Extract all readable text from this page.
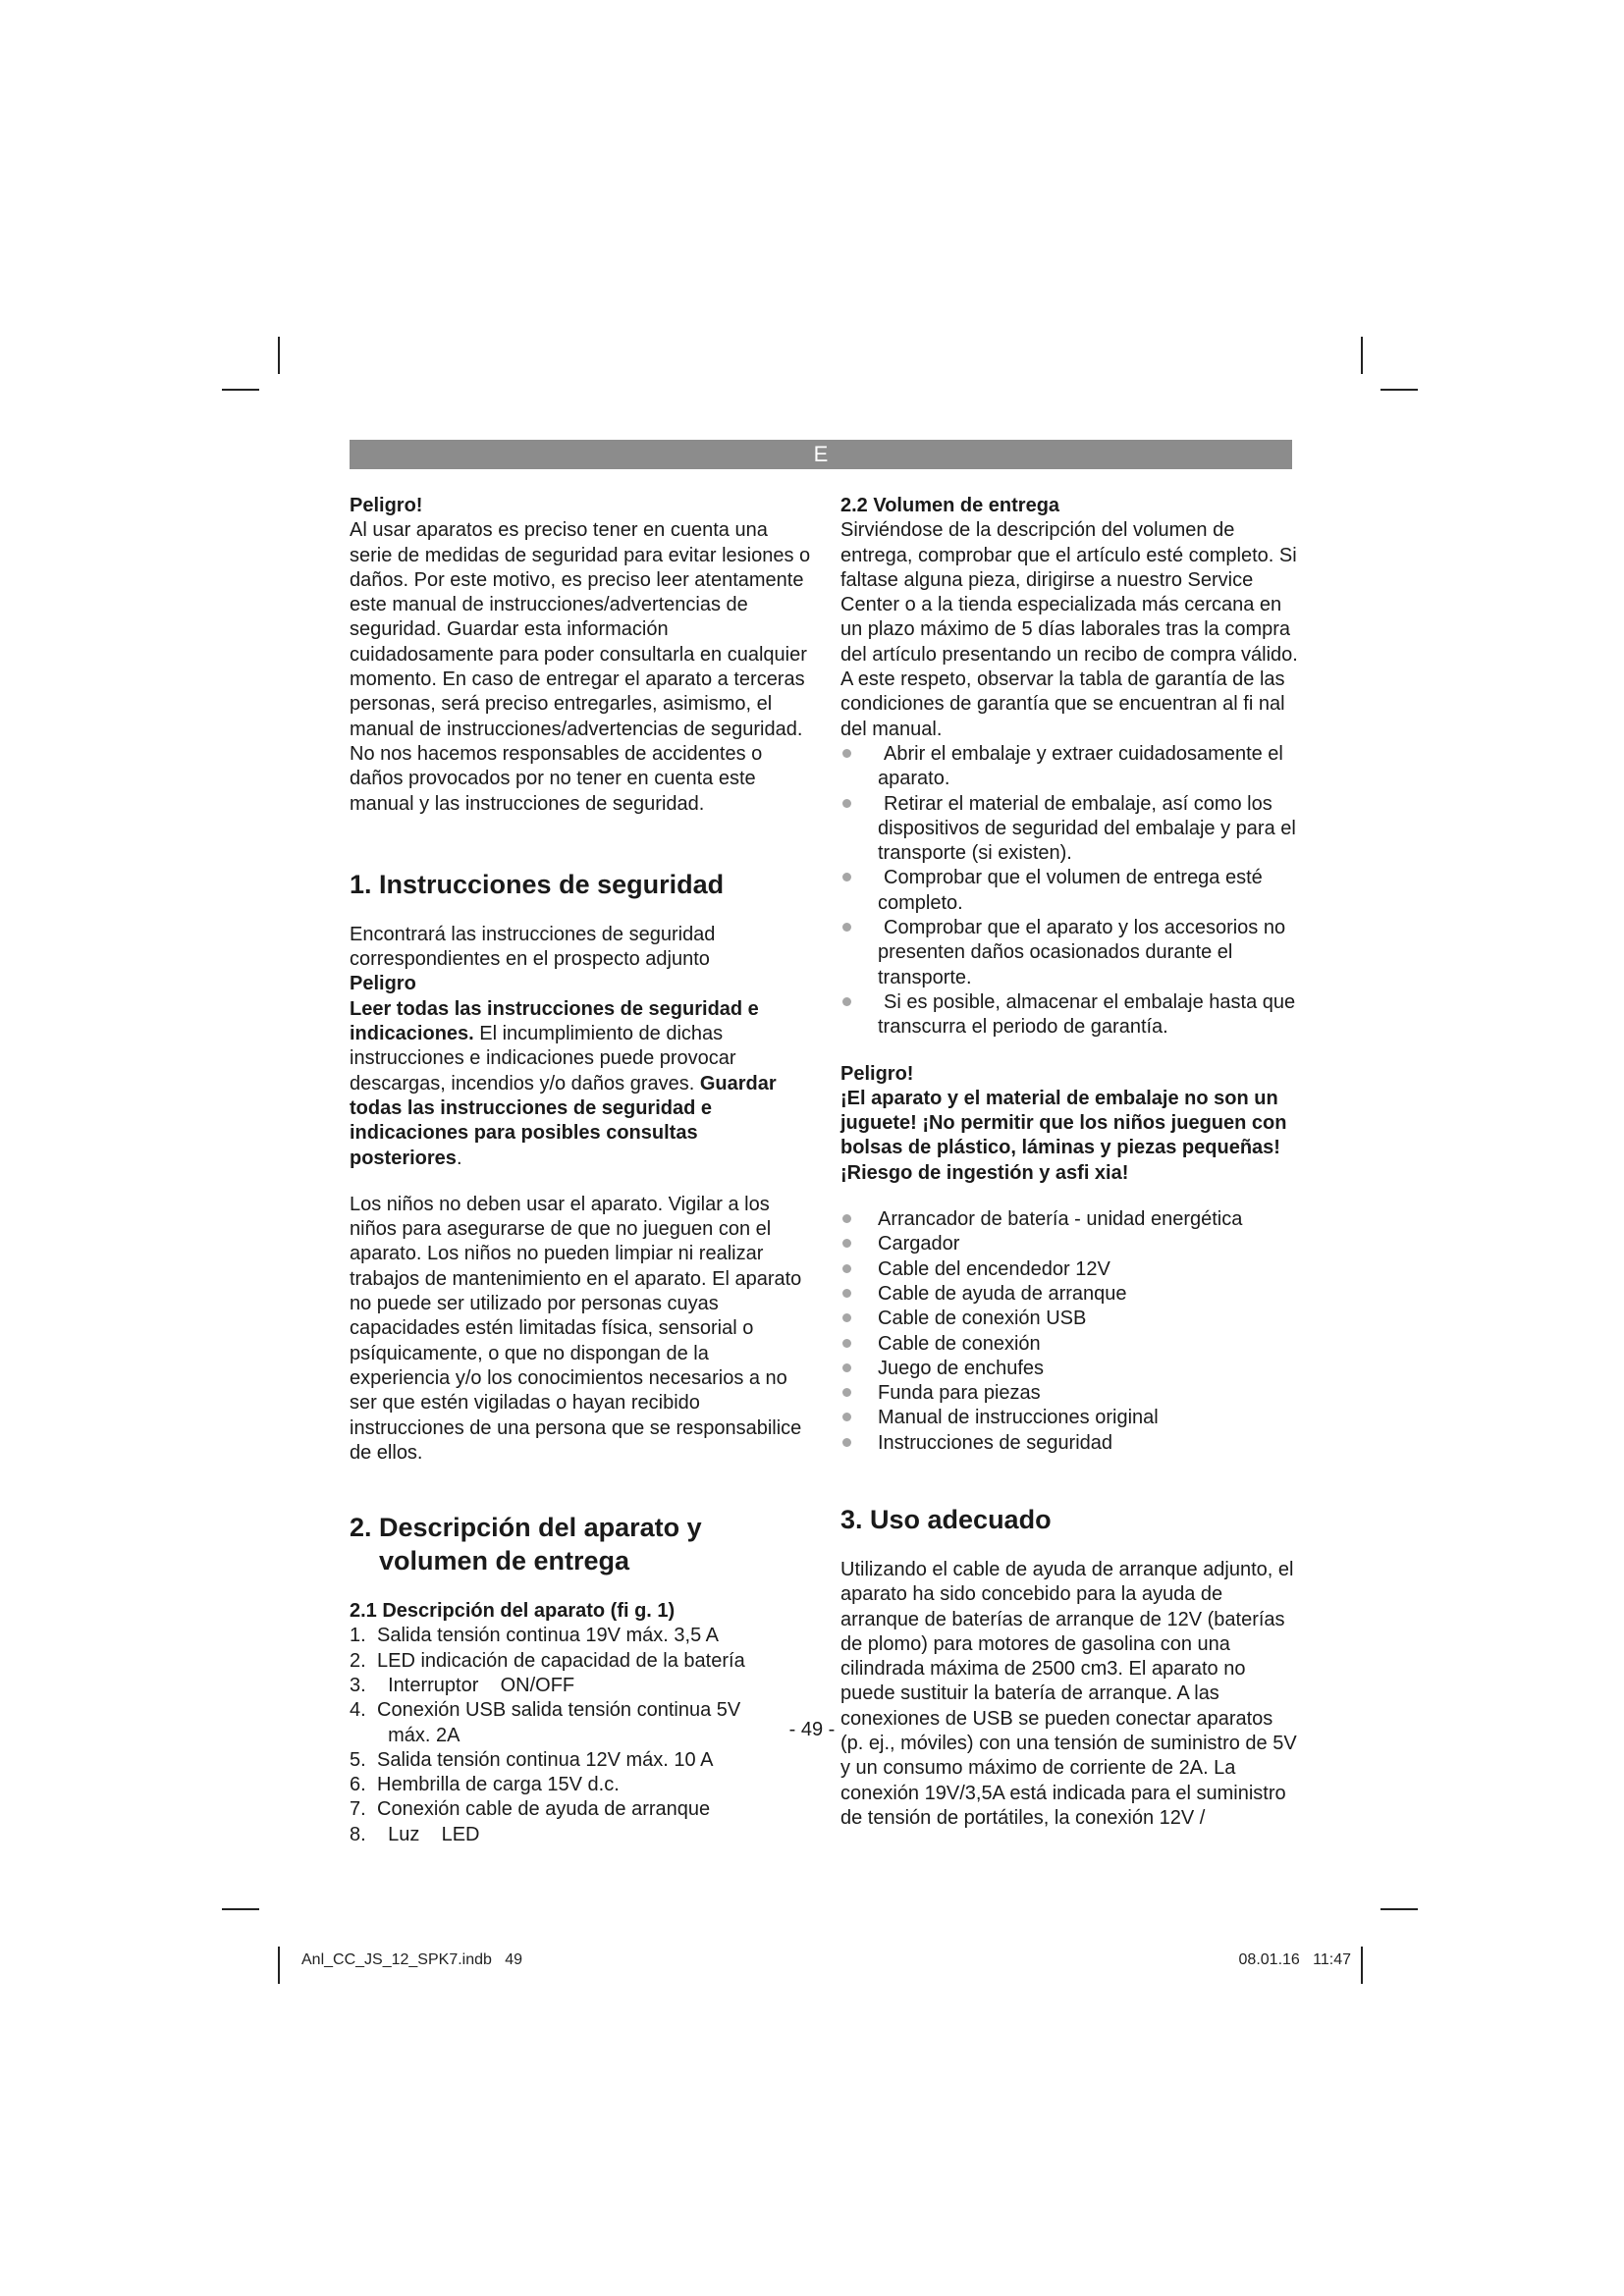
E

Peligro!

Al usar aparatos es preciso tener en cuenta una serie de medidas de seguridad para evitar lesiones o daños. Por este motivo, es preciso leer atentamente este manual de instrucciones/advertencias de seguridad. Guardar esta información cuidadosamente para poder consultarla en cualquier momento. En caso de entregar el aparato a terceras personas, será preciso entregarles, asimismo, el manual de instrucciones/advertencias de seguridad. No nos hacemos responsables de accidentes o daños provocados por no tener en cuenta este manual y las instrucciones de seguridad.

1. Instrucciones de seguridad

Encontrará las instrucciones de seguridad correspondientes en el prospecto adjunto

Peligro

Leer todas las instrucciones de seguridad e indicaciones. El incumplimiento de dichas instrucciones e indicaciones puede provocar descargas, incendios y/o daños graves. Guardar todas las instrucciones de seguridad e indicaciones para posibles consultas posteriores.

Los niños no deben usar el aparato. Vigilar a los niños para asegurarse de que no jueguen con el aparato. Los niños no pueden limpiar ni realizar trabajos de mantenimiento en el aparato. El aparato no puede ser utilizado por personas cuyas capacidades estén limitadas física, sensorial o psíquicamente, o que no dispongan de la experiencia y/o los conocimientos necesarios a no ser que estén vigiladas o hayan recibido instrucciones de una persona que se responsabilice de ellos.

2. Descripción del aparato y
volumen de entrega

2.1 Descripción del aparato (fi g. 1)

1. Salida tensión continua 19V máx. 3,5 A
2. LED indicación de capacidad de la batería
3. Interruptor    ON/OFF
4. Conexión USB salida tensión continua 5V
máx. 2A
5. Salida tensión continua 12V máx. 10 A
6. Hembrilla de carga 15V d.c.
7. Conexión cable de ayuda de arranque
8. Luz    LED

2.2 Volumen de entrega

Sirviéndose de la descripción del volumen de entrega, comprobar que el artículo esté completo. Si faltase alguna pieza, dirigirse a nuestro Service Center o a la tienda especializada más cercana en un plazo máximo de 5 días laborales tras la compra del artículo presentando un recibo de compra válido. A este respeto, observar la tabla de garantía de las condiciones de garantía que se encuentran al fi nal del manual.

Abrir el embalaje y extraer cuidadosamente el aparato.
Retirar el material de embalaje, así como los dispositivos de seguridad del embalaje y para el transporte (si existen).
Comprobar que el volumen de entrega esté completo.
Comprobar que el aparato y los accesorios no presenten daños ocasionados durante el transporte.
Si es posible, almacenar el embalaje hasta que transcurra el periodo de garantía.

Peligro!

¡El aparato y el material de embalaje no son un juguete! ¡No permitir que los niños jueguen con bolsas de plástico, láminas y piezas pequeñas! ¡Riesgo de ingestión y asfi xia!

Arrancador de batería - unidad energética
Cargador
Cable del encendedor 12V
Cable de ayuda de arranque
Cable de conexión USB
Cable de conexión
Juego de enchufes
Funda para piezas
Manual de instrucciones original
Instrucciones de seguridad
3. Uso adecuado

Utilizando el cable de ayuda de arranque adjunto, el aparato ha sido concebido para la ayuda de arranque de baterías de arranque de 12V (baterías de plomo) para motores de gasolina con una cilindrada máxima de 2500 cm3. El aparato no puede sustituir la batería de arranque. A las conexiones de USB se pueden conectar aparatos (p. ej., móviles) con una tensión de suministro de 5V y un consumo máximo de corriente de 2A. La conexión 19V/3,5A está indicada para el suministro de tensión de portátiles, la conexión 12V /

- 49 -
Anl_CC_JS_12_SPK7.indb   49	08.01.16   11:47
